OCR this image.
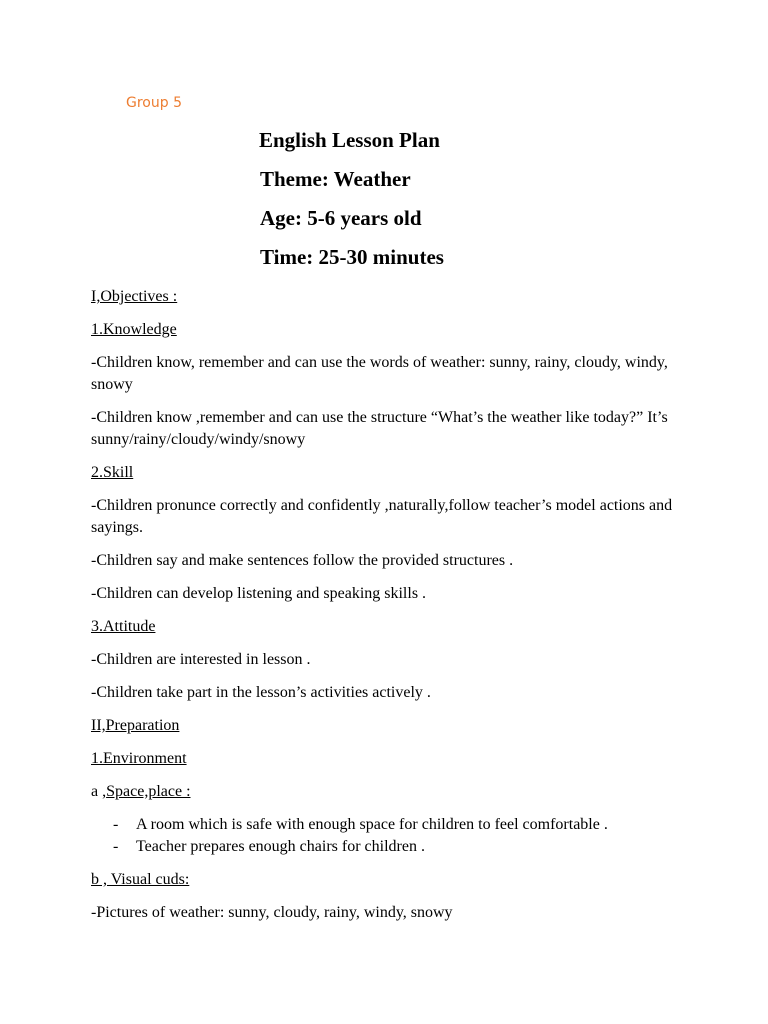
Group 5
English Lesson Plan
Theme: Weather
Age: 5-6 years old
Time: 25-30 minutes

I,Objectives :

1.Knowledge

-Children know, remember and can use the words of weather: sunny, rainy, cloudy, windy, snowy

-Children know ,remember and can use the structure “What’s the weather like today?” It’s sunny/rainy/cloudy/windy/snowy

2.Skill

-Children pronunce correctly and confidently ,naturally,follow teacher’s model actions and sayings.

-Children say and make sentences follow the provided structures .

-Children can develop listening and speaking skills .

3.Attitude

-Children are interested in lesson .

-Children take part in the lesson’s activities actively .

II,Preparation

1.Environment

a ,Space,place :

- A room which is safe with enough space for children to feel comfortable .
- Teacher prepares enough chairs for children .

b , Visual cuds:

-Pictures of weather: sunny, cloudy, rainy, windy, snowy
